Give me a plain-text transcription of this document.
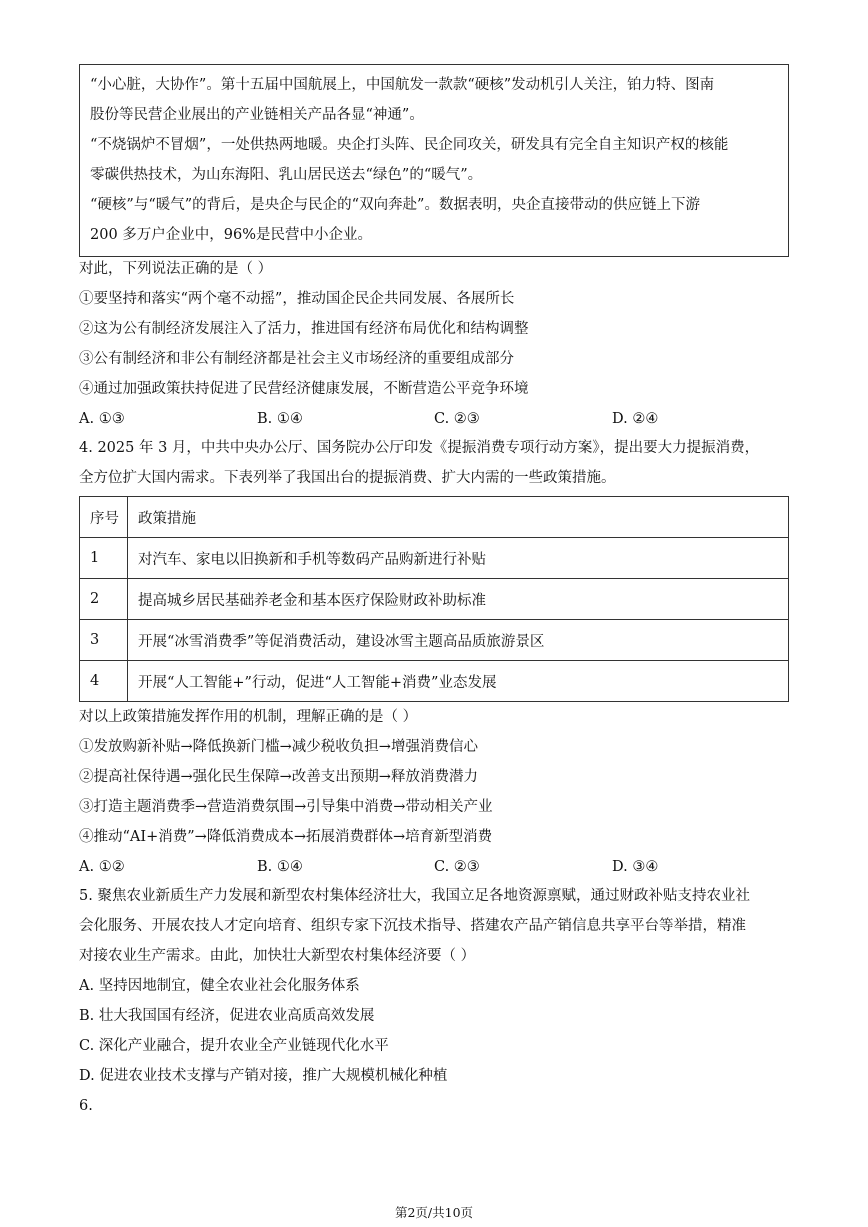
“小心脏，大协作”。第十五届中国航展上，中国航发一款款“硬核”发动机引人关注，铂力特、图南
股份等民营企业展出的产业链相关产品各显“神通”。
“不烧锅炉不冒烟”，一处供热两地暖。央企打头阵、民企同攻关，研发具有完全自主知识产权的核能
零碳供热技术，为山东海阳、乳山居民送去“绿色”的“暖气”。
“硬核”与“暖气”的背后，是央企与民企的“双向奔赴”。数据表明，央企直接带动的供应链上下游
200 多万户企业中，96%是民营中小企业。
对此，下列说法正确的是（ ）
①要坚持和落实“两个毫不动摇”，推动国企民企共同发展、各展所长
②这为公有制经济发展注入了活力，推进国有经济布局优化和结构调整
③公有制经济和非公有制经济都是社会主义市场经济的重要组成部分
④通过加强政策扶持促进了民营经济健康发展，不断营造公平竞争环境
A. ①③	B. ①④	C. ②③	D. ②④
4. 2025 年 3 月，中共中央办公厅、国务院办公厅印发《提振消费专项行动方案》，提出要大力提振消费，
全方位扩大国内需求。下表列举了我国出台的提振消费、扩大内需的一些政策措施。
序号	政策措施
1	对汽车、家电以旧换新和手机等数码产品购新进行补贴
2	提高城乡居民基础养老金和基本医疗保险财政补助标准
3	开展“冰雪消费季”等促消费活动，建设冰雪主题高品质旅游景区
4	开展“人工智能+”行动，促进“人工智能+消费”业态发展
对以上政策措施发挥作用的机制，理解正确的是（ ）
①发放购新补贴→降低换新门槛→减少税收负担→增强消费信心
②提高社保待遇→强化民生保障→改善支出预期→释放消费潜力
③打造主题消费季→营造消费氛围→引导集中消费→带动相关产业
④推动“AI+消费”→降低消费成本→拓展消费群体→培育新型消费
A. ①②	B. ①④	C. ②③	D. ③④
5. 聚焦农业新质生产力发展和新型农村集体经济壮大，我国立足各地资源禀赋，通过财政补贴支持农业社
会化服务、开展农技人才定向培育、组织专家下沉技术指导、搭建农产品产销信息共享平台等举措，精准
对接农业生产需求。由此，加快壮大新型农村集体经济要（ ）
A. 坚持因地制宜，健全农业社会化服务体系
B. 壮大我国国有经济，促进农业高质高效发展
C. 深化产业融合，提升农业全产业链现代化水平
D. 促进农业技术支撑与产销对接，推广大规模机械化种植
6.
第2页/共10页
